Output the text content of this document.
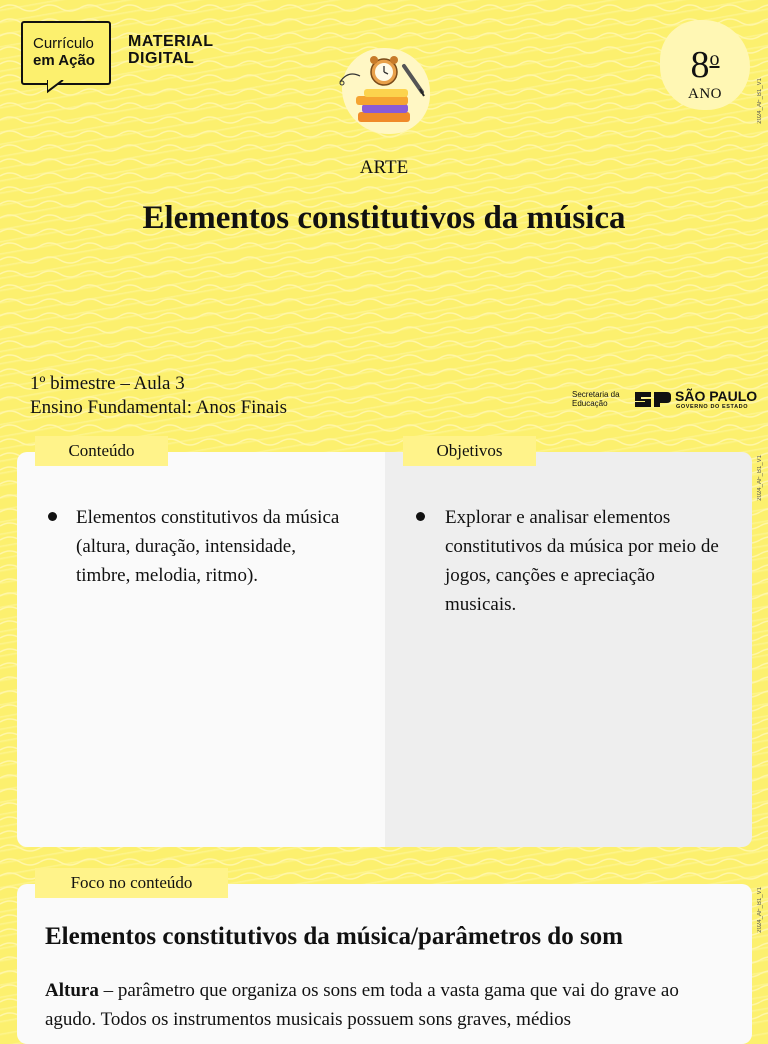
Currículo
em Ação
MATERIAL
DIGITAL	8$^o$
ANO	2024_AF_B1_V1
2024_AF_B1_V1
2024_AF_B1_V1
ARTE
Elementos constitutivos da música
1º bimestre – Aula 3
Ensino Fundamental: Anos Finais
Secretaria da
Educação	SÃO PAULO
GOVERNO DO ESTADO
Conteúdo	Objetivos
Elementos constitutivos da música (altura, duração, intensidade, timbre, melodia, ritmo).
Explorar e analisar elementos constitutivos da música por meio de jogos, canções e apreciação musicais.
Foco no conteúdo
Elementos constitutivos da música/parâmetros do som
Altura – parâmetro que organiza os sons em toda a vasta gama que vai do grave ao agudo. Todos os instrumentos musicais possuem sons graves, médios
